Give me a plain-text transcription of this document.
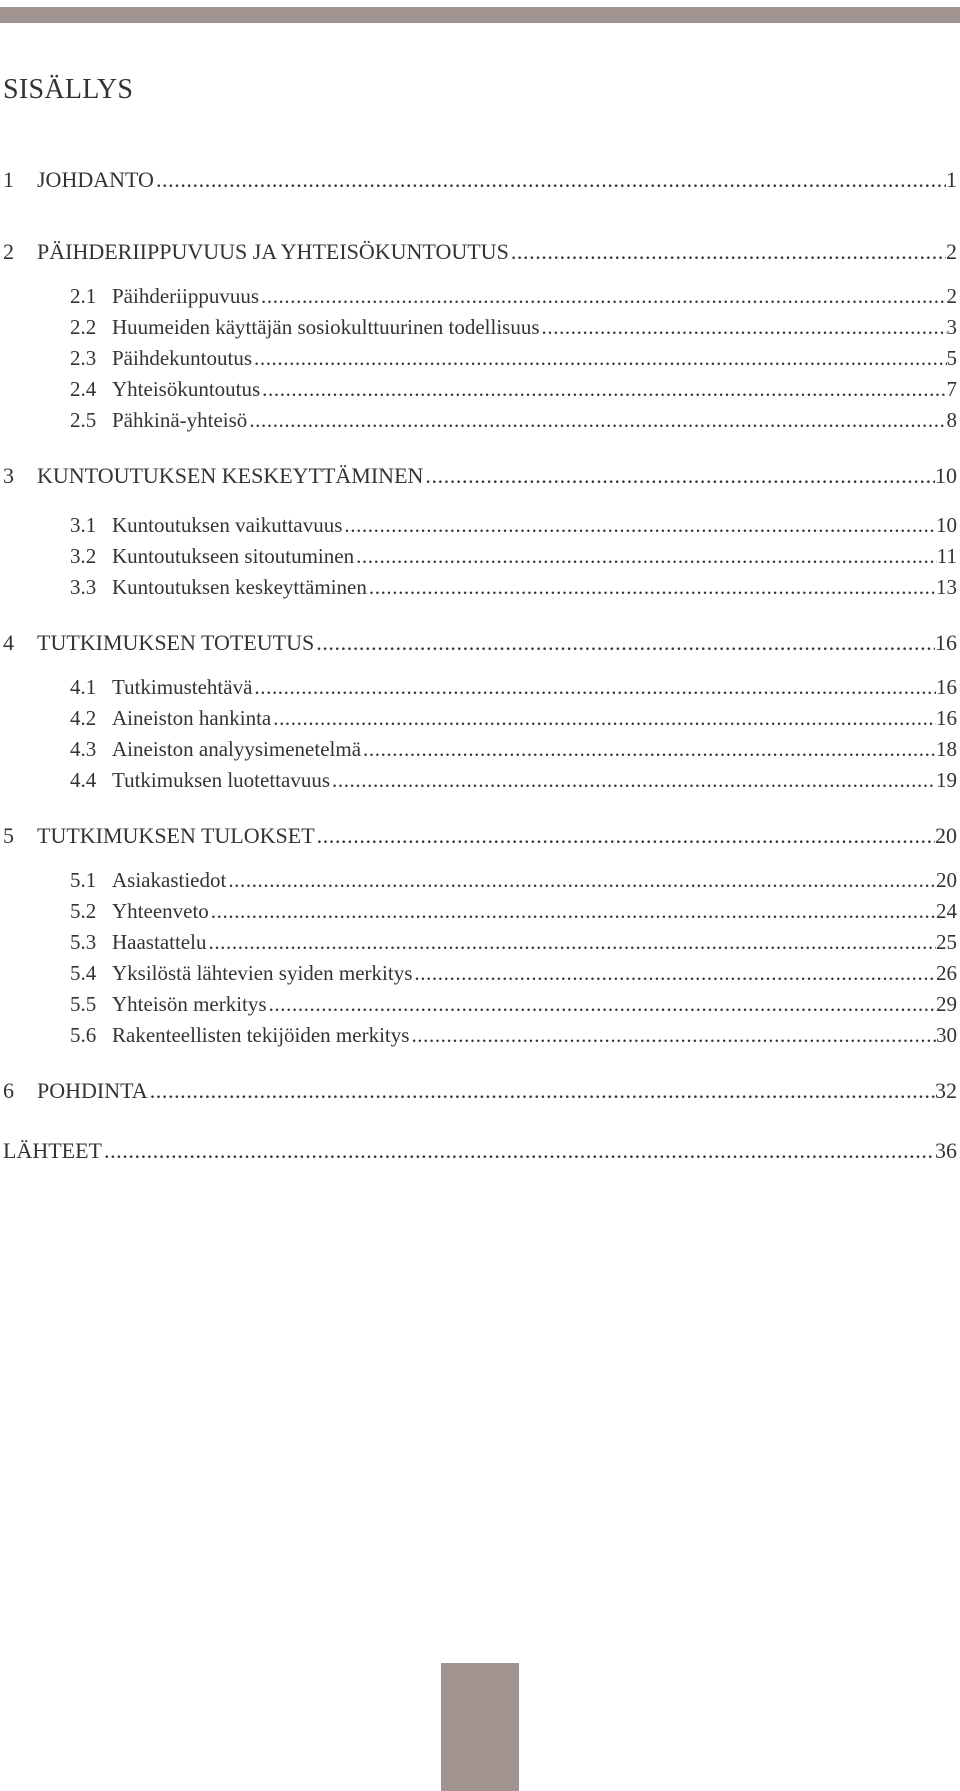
SISÄLLYS
1	JOHDANTO .....	1
2	PÄIHDERIIPPUVUUS JA YHTEISÖKUNTOUTUS .....	2
2.1 Päihderiippuvuus .....	2
2.2 Huumeiden käyttäjän sosiokulttuurinen todellisuus .....	3
2.3 Päihdekuntoutus .....	5
2.4 Yhteisökuntoutus .....	7
2.5 Pähkinä-yhteisö .....	8
3	KUNTOUTUKSEN KESKEYTTÄMINEN .....	10
3.1 Kuntoutuksen vaikuttavuus .....	10
3.2 Kuntoutukseen sitoutuminen .....	11
3.3 Kuntoutuksen keskeyttäminen .....	13
4	TUTKIMUKSEN TOTEUTUS .....	16
4.1 Tutkimustehtävä .....	16
4.2 Aineiston hankinta .....	16
4.3 Aineiston analyysimenetelmä .....	18
4.4 Tutkimuksen luotettavuus .....	19
5	TUTKIMUKSEN TULOKSET .....	20
5.1 Asiakastiedot .....	20
5.2 Yhteenveto .....	24
5.3 Haastattelu .....	25
5.4 Yksilöstä lähtevien syiden merkitys .....	26
5.5 Yhteisön merkitys .....	29
5.6 Rakenteellisten tekijöiden merkitys .....	30
6	POHDINTA .....	32
LÄHTEET .....	36
